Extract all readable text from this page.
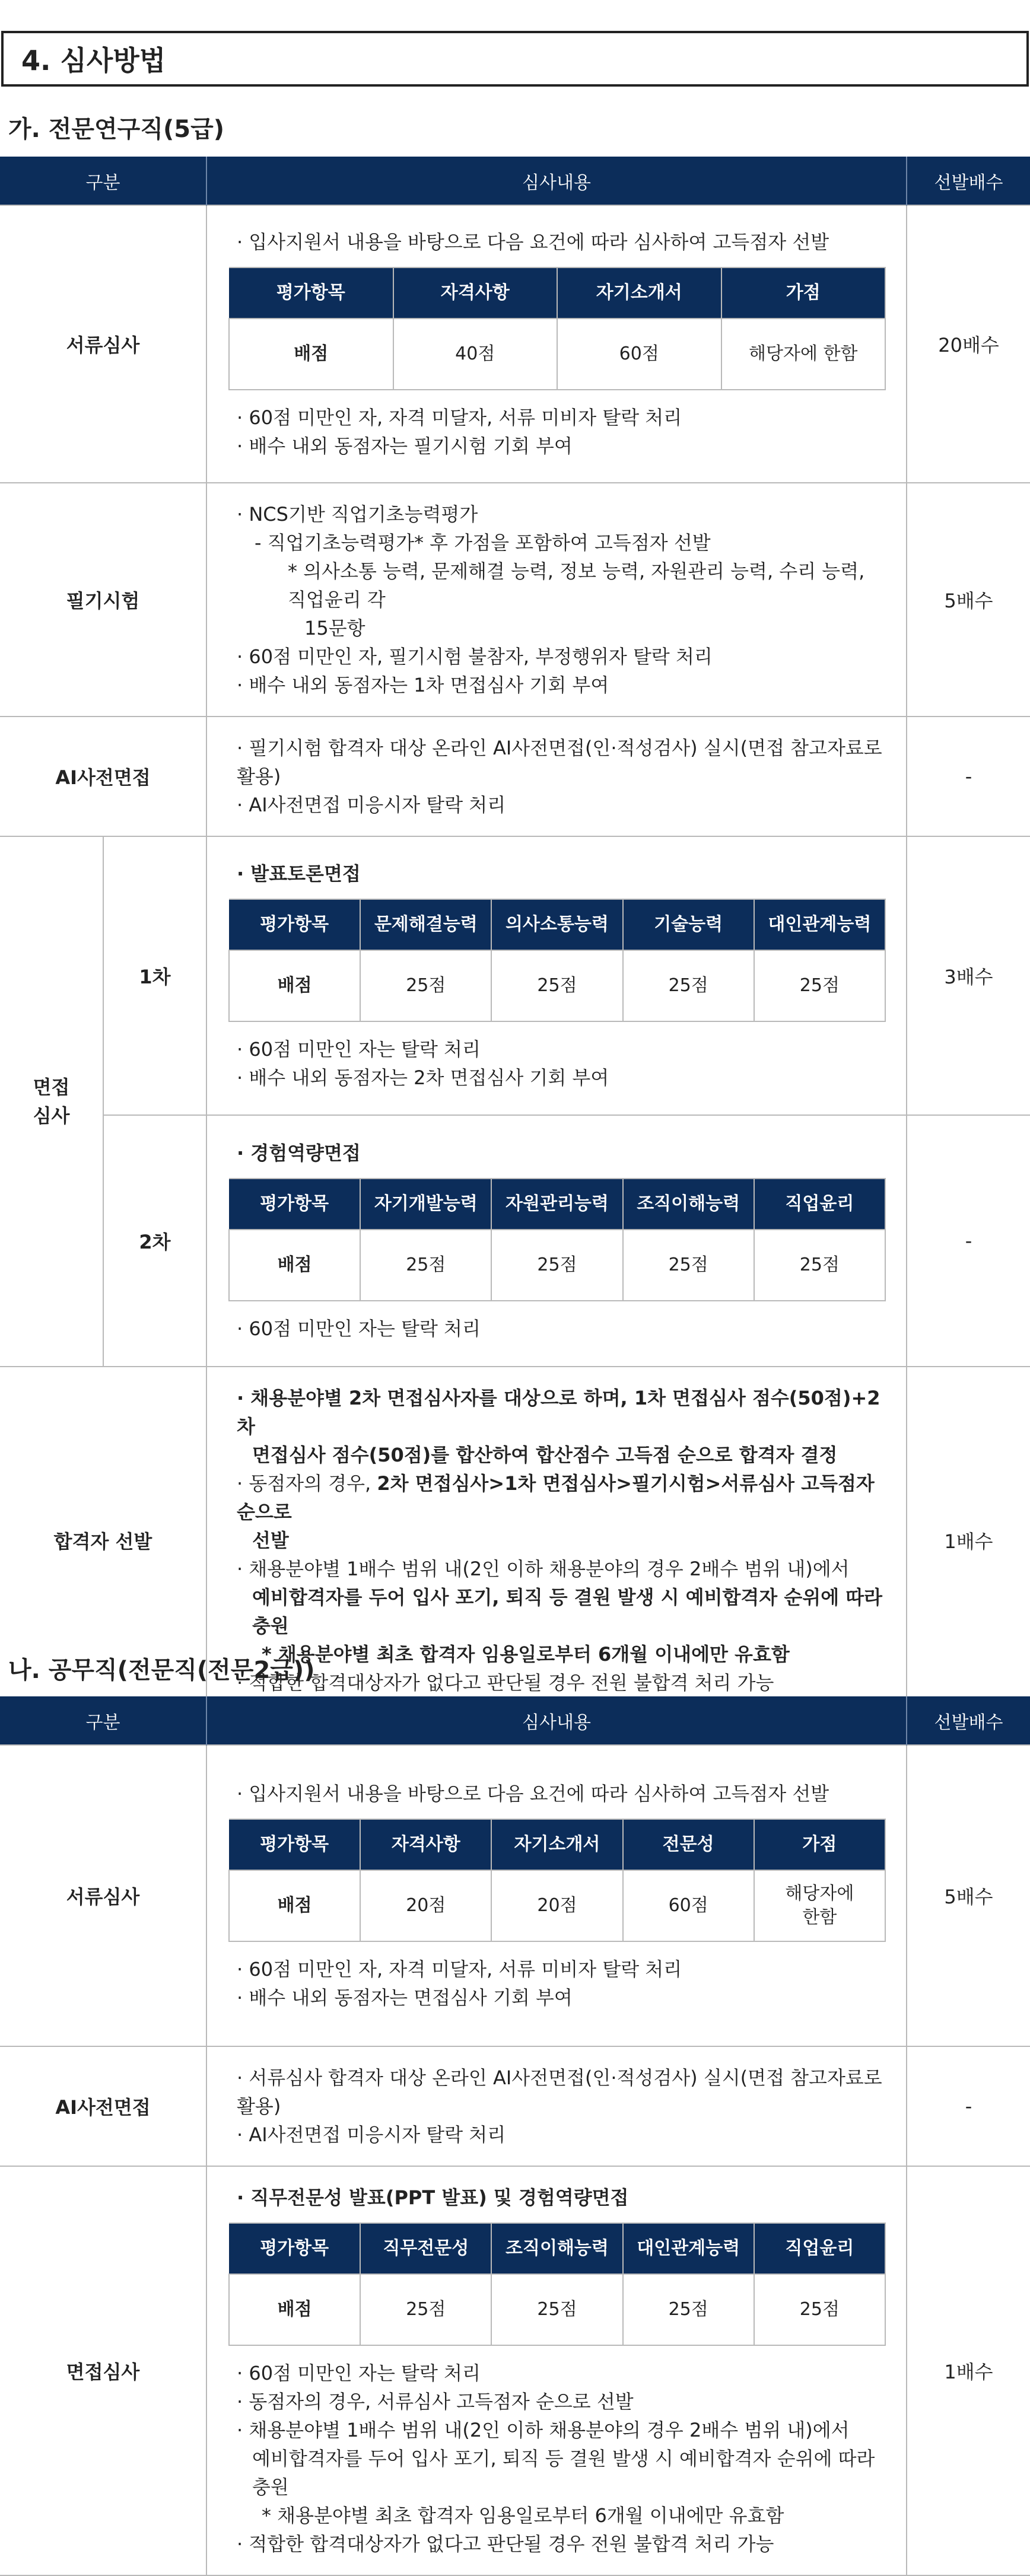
4. 심사방법
가. 전문연구직(5급)
구분	심사내용	선발배수
서류심사	
· 입사지원서 내용을 바탕으로 다음 요건에 따라 심사하여 고득점자 선발
평가항목	자격사항	자기소개서	가점
배점	40점	60점	해당자에 한함
· 60점 미만인 자, 자격 미달자, 서류 미비자 탈락 처리
· 배수 내외 동점자는 필기시험 기회 부여
	20배수
필기시험	
· NCS기반 직업기초능력평가
- 직업기초능력평가* 후 가점을 포함하여 고득점자 선발
* 의사소통 능력, 문제해결 능력, 정보 능력, 자원관리 능력, 수리 능력, 직업윤리 각
15문항
· 60점 미만인 자, 필기시험 불참자, 부정행위자 탈락 처리
· 배수 내외 동점자는 1차 면접심사 기회 부여
	5배수
AI사전면접	
· 필기시험 합격자 대상 온라인 AI사전면접(인·적성검사) 실시(면접 참고자료로 활용)
· AI사전면접 미응시자 탈락 처리
	-

면접
심사
	1차	
· 발표토론면접
평가항목	문제해결능력	의사소통능력	기술능력	대인관계능력
배점	25점	25점	25점	25점
· 60점 미만인 자는 탈락 처리
· 배수 내외 동점자는 2차 면접심사 기회 부여
	3배수
2차	
· 경험역량면접
평가항목	자기개발능력	자원관리능력	조직이해능력	직업윤리
배점	25점	25점	25점	25점
· 60점 미만인 자는 탈락 처리
	-
합격자 선발	
· 채용분야별 2차 면접심사자를 대상으로 하며, 1차 면접심사 점수(50점)+2차
면접심사 점수(50점)를 합산하여 합산점수 고득점 순으로 합격자 결정
· 동점자의 경우, 2차 면접심사>1차 면접심사>필기시험>서류심사 고득점자 순으로
선발
· 채용분야별 1배수 범위 내(2인 이하 채용분야의 경우 2배수 범위 내)에서
예비합격자를 두어 입사 포기, 퇴직 등 결원 발생 시 예비합격자 순위에 따라 충원
* 채용분야별 최초 합격자 임용일로부터 6개월 이내에만 유효함
· 적합한 합격대상자가 없다고 판단될 경우 전원 불합격 처리 가능
	1배수
나. 공무직(전문직(전문2급))
구분	심사내용	선발배수
서류심사	
· 입사지원서 내용을 바탕으로 다음 요건에 따라 심사하여 고득점자 선발
평가항목	자격사항	자기소개서	전문성	가점
배점	20점	20점	60점	해당자에 한함
· 60점 미만인 자, 자격 미달자, 서류 미비자 탈락 처리
· 배수 내외 동점자는 면접심사 기회 부여
	5배수
AI사전면접	
· 서류심사 합격자 대상 온라인 AI사전면접(인·적성검사) 실시(면접 참고자료로 활용)
· AI사전면접 미응시자 탈락 처리
	-
면접심사	
· 직무전문성 발표(PPT 발표) 및 경험역량면접
평가항목	직무전문성	조직이해능력	대인관계능력	직업윤리
배점	25점	25점	25점	25점
· 60점 미만인 자는 탈락 처리
· 동점자의 경우, 서류심사 고득점자 순으로 선발
· 채용분야별 1배수 범위 내(2인 이하 채용분야의 경우 2배수 범위 내)에서
예비합격자를 두어 입사 포기, 퇴직 등 결원 발생 시 예비합격자 순위에 따라 충원
* 채용분야별 최초 합격자 임용일로부터 6개월 이내에만 유효함
· 적합한 합격대상자가 없다고 판단될 경우 전원 불합격 처리 가능
	1배수
